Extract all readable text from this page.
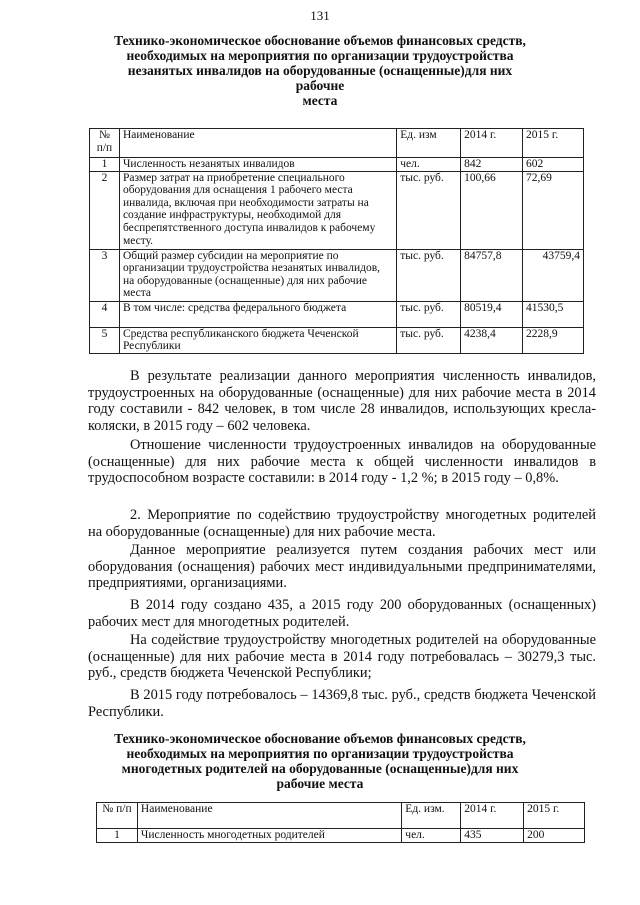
131
Технико-экономическое обоснование объемов финансовых средств,
необходимых на мероприятия по организации трудоустройства
незанятых инвалидов на оборудованные (оснащенные)для них рабочне
места
№ п/п	Наименование	Ед. изм	2014 г.	2015 г.
1	Численность незанятых инвалидов	чел.	842	602
2	Размер затрат на приобретение специального оборудования для оснащения 1 рабочего места инвалида, включая при необходимости затраты на создание инфраструктуры, необходимой для беспрепятственного доступа инвалидов к рабочему месту.	тыс. руб.	100,66	72,69
3	Общий размер субсидии на мероприятие по организации трудоустройства незанятых инвалидов, на оборудованные (оснащенные) для них рабочие места	тыс. руб.	84757,8	43759,4
4	В том числе: средства федерального бюджета	тыс. руб.	80519,4	41530,5
5	Средства республиканского бюджета Чеченской Республики	тыс. руб.	4238,4	2228,9

В результате реализации данного мероприятия численность инвалидов, трудоустроенных на оборудованные (оснащенные) для них рабочие места в 2014 году составили - 842 человек, в том числе 28 инвалидов, использующих кресла-коляски, в 2015 году – 602 человека.

Отношение численности трудоустроенных инвалидов на оборудованные (оснащенные) для них рабочие места к общей численности инвалидов в трудоспособном возрасте составили: в 2014 году - 1,2 %; в 2015 году – 0,8%.

2. Мероприятие по содействию трудоустройству многодетных родителей на оборудованные (оснащенные) для них рабочие места.

Данное мероприятие реализуется путем создания рабочих мест или оборудования (оснащения) рабочих мест индивидуальными предпринимателями, предприятиями, организациями.

В 2014 году создано 435, а 2015 году 200 оборудованных (оснащенных) рабочих мест для многодетных родителей.

На содействие трудоустройству многодетных родителей на оборудованные (оснащенные) для них рабочие места в 2014 году потребовалась – 30279,3 тыс. руб., средств бюджета Чеченской Республики;

В 2015 году потребовалось – 14369,8 тыс. руб., средств бюджета Чеченской Республики.

Технико-экономическое обоснование объемов финансовых средств,
необходимых на мероприятия по организации трудоустройства
многодетных родителей на оборудованные (оснащенные)для них
рабочие места
№ п/п	Наименование	Ед. изм.	2014 г.	2015 г.
1	Численность многодетных родителей	чел.	435	200
